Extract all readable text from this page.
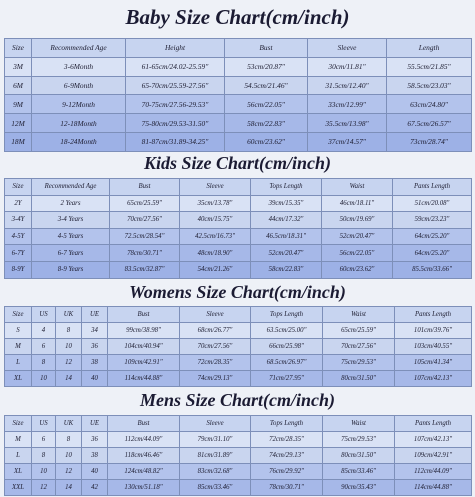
Baby Size Chart(cm/inch)
Size	Recommended Age	Height	Bust	Sleeve	Length
3M	3-6Month	61-65cm/24.02-25.59"	53cm/20.87"	30cm/11.81"	55.5cm/21.85"
6M	6-9Month	65-70cm/25.59-27.56"	54.5cm/21.46"	31.5cm/12.40"	58.5cm/23.03"
9M	9-12Month	70-75cm/27.56-29.53"	56cm/22.05"	33cm/12.99"	63cm/24.80"
12M	12-18Month	75-80cm/29.53-31.50"	58cm/22.83"	35.5cm/13.98"	67.5cm/26.57"
18M	18-24Month	81-87cm/31.89-34.25"	60cm/23.62"	37cm/14.57"	73cm/28.74"
Kids Size Chart(cm/inch)
Size	Recommended Age	Bust	Sleeve	Tops Length	Waist	Pants Length
2Y	2 Years	65cm/25.59"	35cm/13.78"	39cm/15.35"	46cm/18.11"	51cm/20.08"
3-4Y	3-4 Years	70cm/27.56"	40cm/15.75"	44cm/17.32"	50cm/19.69"	59cm/23.23"
4-5Y	4-5 Years	72.5cm/28.54"	42.5cm/16.73"	46.5cm/18.31"	52cm/20.47"	64cm/25.20"
6-7Y	6-7 Years	78cm/30.71"	48cm/18.90"	52cm/20.47"	56cm/22.05"	64cm/25.20"
8-9Y	8-9 Years	83.5cm/32.87"	54cm/21.26"	58cm/22.83"	60cm/23.62"	85.5cm/33.66"
Womens Size Chart(cm/inch)
Size	US	UK	UE	Bust	Sleeve	Tops Length	Waist	Pants Length
S	4	8	34	99cm/38.98"	68cm/26.77"	63.5cm/25.00"	65cm/25.59"	101cm/39.76"
M	6	10	36	104cm/40.94"	70cm/27.56"	66cm/25.98"	70cm/27.56"	103cm/40.55"
L	8	12	38	109cm/42.91"	72cm/28.35"	68.5cm/26.97"	75cm/29.53"	105cm/41.34"
XL	10	14	40	114cm/44.88"	74cm/29.13"	71cm/27.95"	80cm/31.50"	107cm/42.13"
Mens Size Chart(cm/inch)
Size	US	UK	UE	Bust	Sleeve	Tops Length	Waist	Pants Length
M	6	8	36	112cm/44.09"	79cm/31.10"	72cm/28.35"	75cm/29.53"	107cm/42.13"
L	8	10	38	118cm/46.46"	81cm/31.89"	74cm/29.13"	80cm/31.50"	109cm/42.91"
XL	10	12	40	124cm/48.82"	83cm/32.68"	76cm/29.92"	85cm/33.46"	112cm/44.09"
XXL	12	14	42	130cm/51.18"	85cm/33.46"	78cm/30.71"	90cm/35.43"	114cm/44.88"
